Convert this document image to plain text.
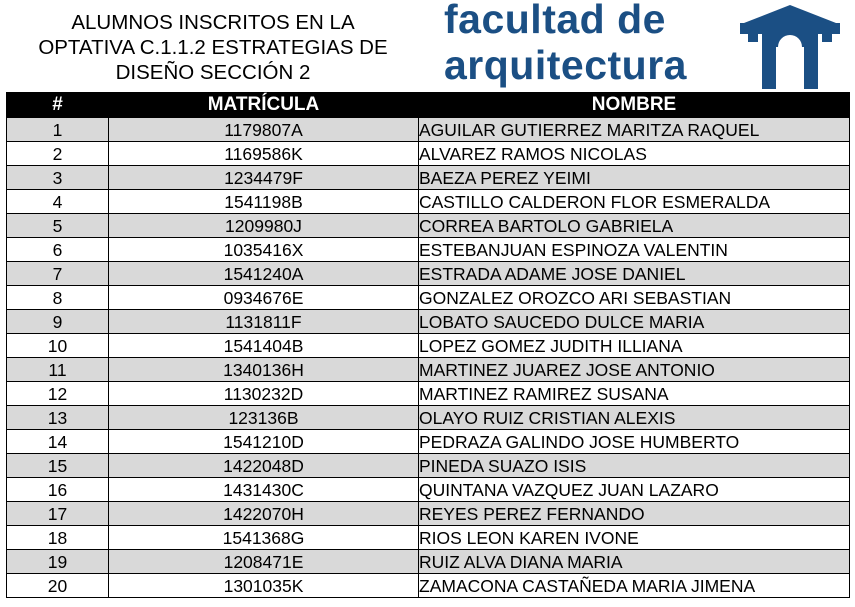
ALUMNOS INSCRITOS EN LA
OPTATIVA C.1.1.2 ESTRATEGIAS DE
DISEÑO SECCIÓN 2
facultad de
arquitectura
#	MATRÍCULA	NOMBRE
1	1179807A	AGUILAR GUTIERREZ MARITZA RAQUEL
2	1169586K	ALVAREZ RAMOS NICOLAS
3	1234479F	BAEZA PEREZ YEIMI
4	1541198B	CASTILLO CALDERON FLOR ESMERALDA
5	1209980J	CORREA BARTOLO GABRIELA
6	1035416X	ESTEBANJUAN ESPINOZA VALENTIN
7	1541240A	ESTRADA ADAME JOSE DANIEL
8	0934676E	GONZALEZ OROZCO ARI SEBASTIAN
9	1131811F	LOBATO SAUCEDO DULCE MARIA
10	1541404B	LOPEZ GOMEZ JUDITH ILLIANA
11	1340136H	MARTINEZ JUAREZ JOSE ANTONIO
12	1130232D	MARTINEZ RAMIREZ SUSANA
13	123136B	OLAYO RUIZ CRISTIAN ALEXIS
14	1541210D	PEDRAZA GALINDO JOSE HUMBERTO
15	1422048D	PINEDA SUAZO ISIS
16	1431430C	QUINTANA VAZQUEZ JUAN LAZARO
17	1422070H	REYES PEREZ FERNANDO
18	1541368G	RIOS LEON KAREN IVONE
19	1208471E	RUIZ ALVA DIANA MARIA
20	1301035K	ZAMACONA CASTAÑEDA MARIA JIMENA
